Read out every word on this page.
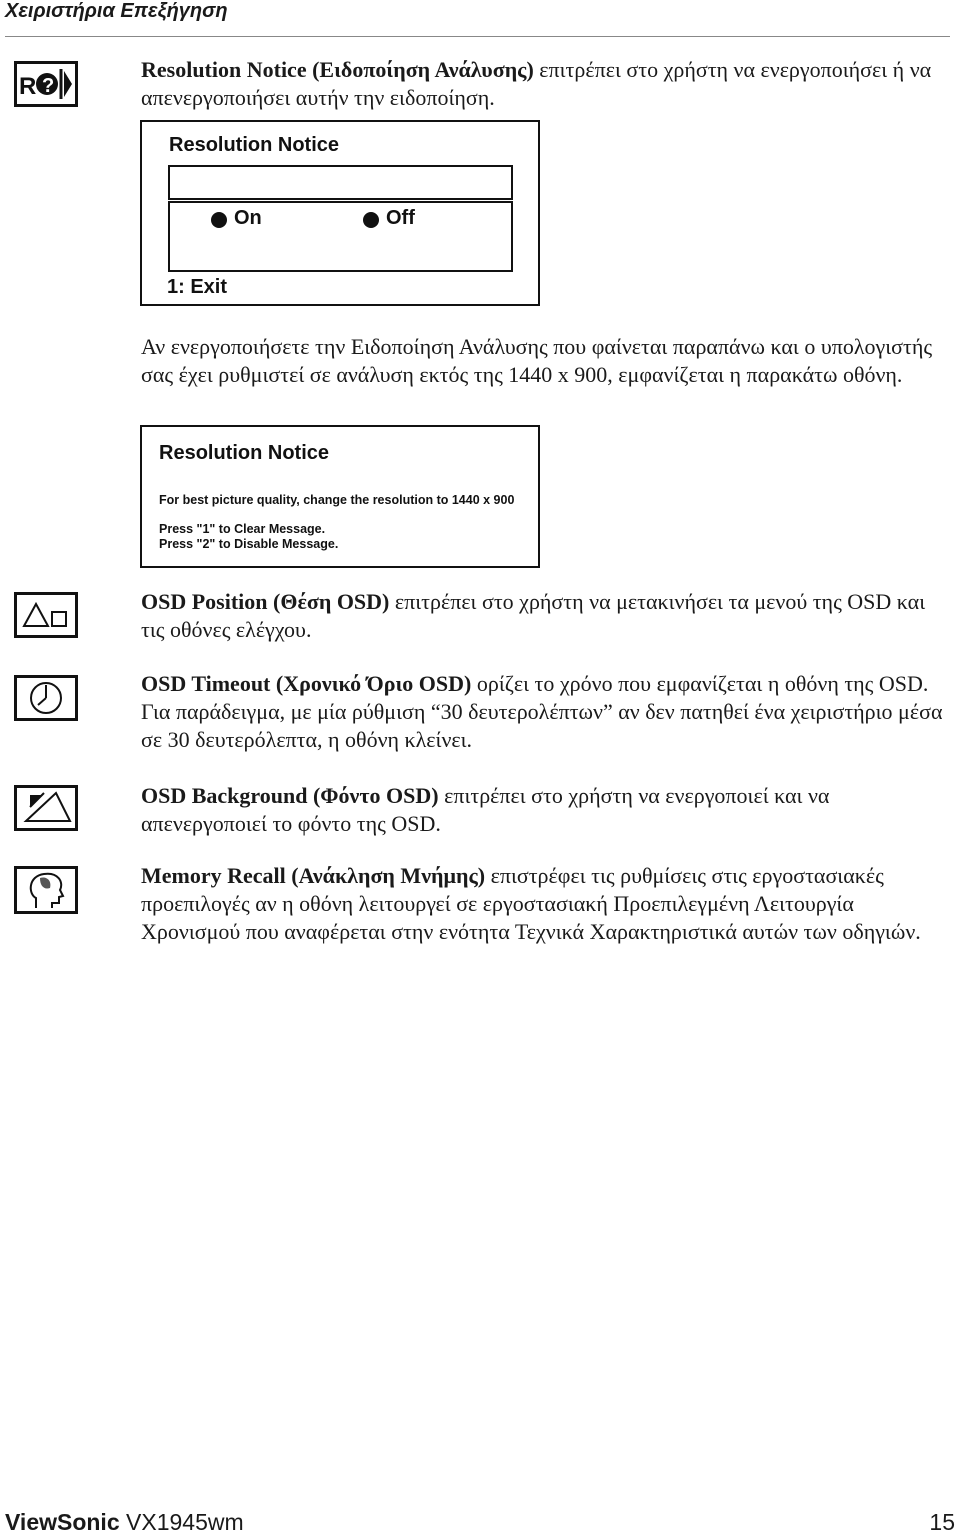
Χειριστήρια Επεξήγηση
R ?
Resolution Notice (Ειδοποίηση Ανάλυσης) επιτρέπει στο χρήστη να ενεργοποιήσει ή να απενεργοποιήσει αυτήν την ειδοποίηση.
Resolution Notice
On	Off
1: Exit
Αν ενεργοποιήσετε την Ειδοποίηση Ανάλυσης που φαίνεται παραπάνω και ο υπολογιστής σας έχει ρυθμιστεί σε ανάλυση εκτός της 1440 x 900, εμφανίζεται η παρακάτω οθόνη.
Resolution Notice
For best picture quality, change the resolution to 1440 x 900
Press "1" to Clear Message.
Press "2" to Disable Message.
OSD Position (Θέση OSD) επιτρέπει στο χρήστη να μετακινήσει τα μενού της OSD και τις οθόνες ελέγχου.
OSD Timeout (Χρονικό Όριο OSD) ορίζει το χρόνο που εμφανίζεται η οθόνη της OSD. Για παράδειγμα, με μία ρύθμιση “30 δευτερολέπτων” αν δεν πατηθεί ένα χειριστήριο μέσα σε 30 δευτερόλεπτα, η οθόνη κλείνει.
OSD Background (Φόντο OSD) επιτρέπει στο χρήστη να ενεργοποιεί και να απενεργοποιεί το φόντο της OSD.
Memory Recall (Ανάκληση Μνήμης) επιστρέφει τις ρυθμίσεις στις εργοστασιακές προεπιλογές αν η οθόνη λειτουργεί σε εργοστασιακή Προεπιλεγμένη Λειτουργία Χρονισμού που αναφέρεται στην ενότητα Τεχνικά Χαρακτηριστικά αυτών των οδηγιών.
ViewSonic VX1945wm	15
